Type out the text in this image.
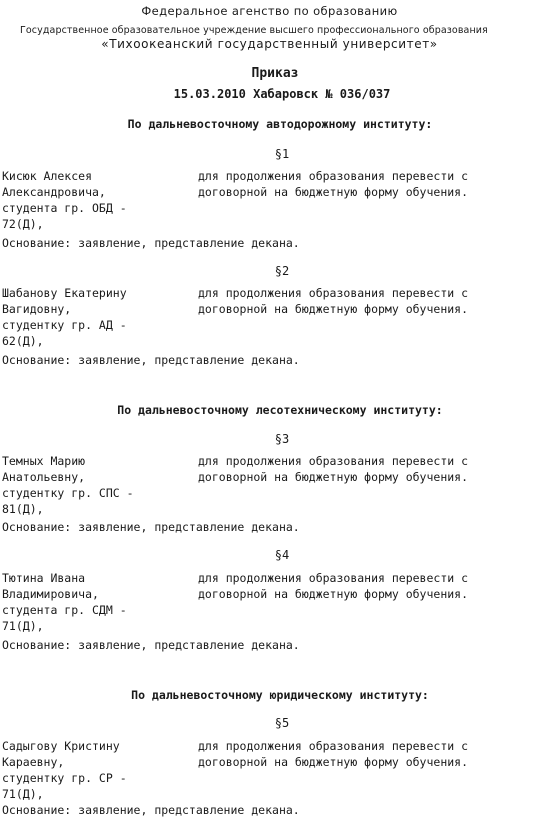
Федеральное агенство по образованию
Государственное образовательное учреждение высшего профессионального образования
«Тихоокеанский государственный университет»
Приказ
15.03.2010 Хабаровск № 036/037
По дальневосточному автодорожному институту:
§1
Кисюк Алексея
Александровича,
студента гр. ОБД -
72(Д),
для продолжения образования перевести с
договорной на бюджетную форму обучения.
Основание: заявление, представление декана.
§2
Шабанову Екатерину
Вагидовну,
студентку гр. АД -
62(Д),
для продолжения образования перевести с
договорной на бюджетную форму обучения.
Основание: заявление, представление декана.
По дальневосточному лесотехническому институту:
§3
Темных Марию
Анатольевну,
студентку гр. СПС -
81(Д),
для продолжения образования перевести с
договорной на бюджетную форму обучения.
Основание: заявление, представление декана.
§4
Тютина Ивана
Владимировича,
студента гр. СДМ -
71(Д),
для продолжения образования перевести с
договорной на бюджетную форму обучения.
Основание: заявление, представление декана.
По дальневосточному юридическому институту:
§5
Садыгову Кристину
Караевну,
студентку гр. СР -
71(Д),
для продолжения образования перевести с
договорной на бюджетную форму обучения.
Основание: заявление, представление декана.
